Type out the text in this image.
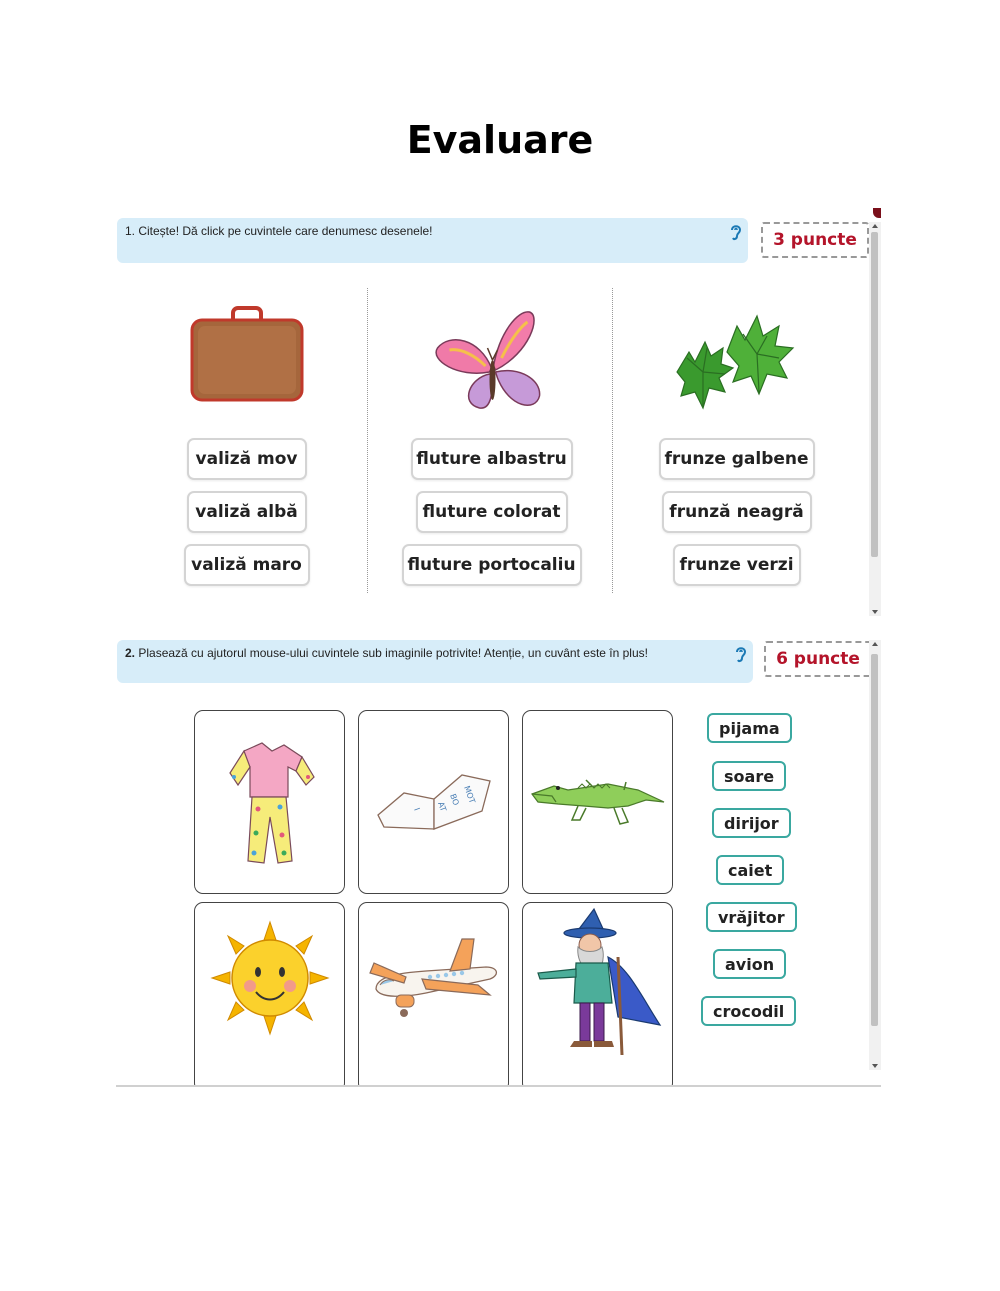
Evaluare
1. Citește! Dă click pe cuvintele care denumesc desenele!	3 puncte
valiză mov
valiză albă
valiză maro
fluture albastru
fluture colorat
fluture portocaliu
frunze galbene
frunză neagră
frunze verzi
2. Plasează cu ajutorul mouse-ului cuvintele sub imaginile potrivite! Atenție, un cuvânt este în plus!	6 puncte
MOT
BO
AT
I
pijama
soare
dirijor
caiet
vrăjitor
avion
crocodil
